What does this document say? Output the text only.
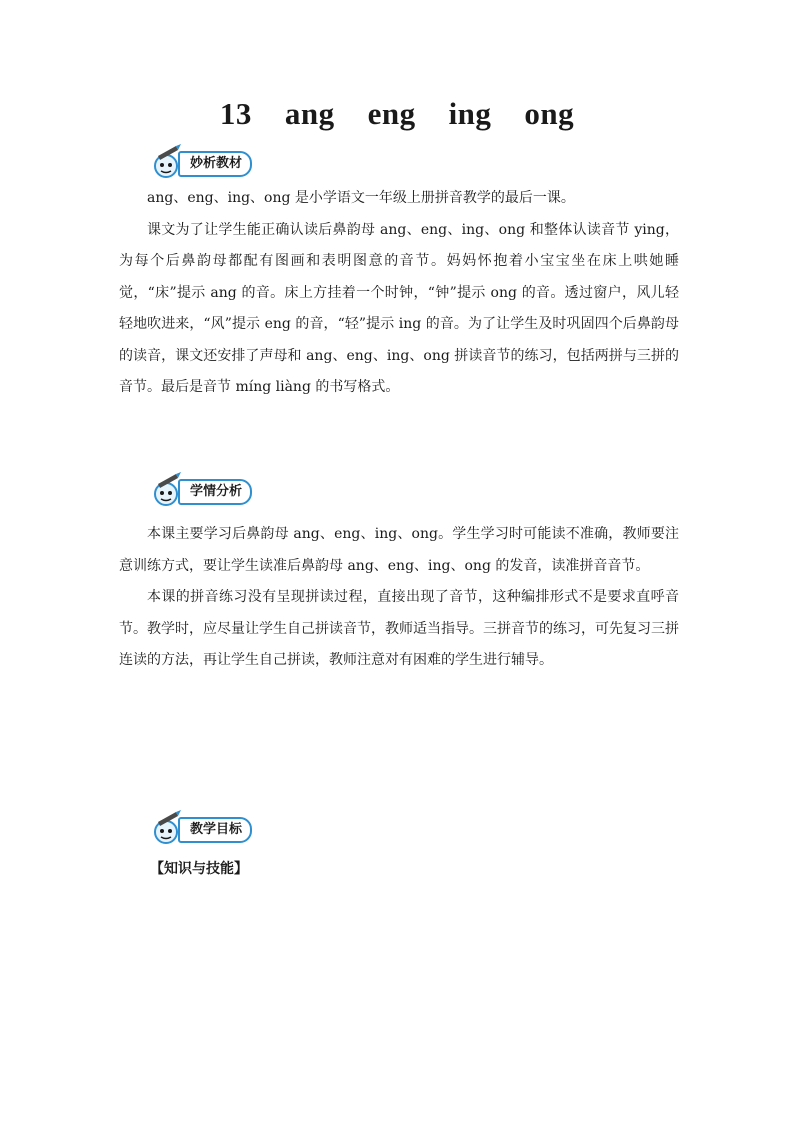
13    ang    eng    ing    ong
妙析教材

ang、eng、ing、ong 是小学语文一年级上册拼音教学的最后一课。

课文为了让学生能正确认读后鼻韵母 ang、eng、ing、ong 和整体认读音节 ying，为每个后鼻韵母都配有图画和表明图意的音节。妈妈怀抱着小宝宝坐在床上哄她睡觉，“床”提示 ang 的音。床上方挂着一个时钟，“钟”提示 ong 的音。透过窗户，风儿轻轻地吹进来，“风”提示 eng 的音，“轻”提示 ing 的音。为了让学生及时巩固四个后鼻韵母的读音，课文还安排了声母和 ang、eng、ing、ong 拼读音节的练习，包括两拼与三拼的音节。最后是音节 míng liàng 的书写格式。

学情分析

本课主要学习后鼻韵母 ang、eng、ing、ong。学生学习时可能读不准确，教师要注意训练方式，要让学生读准后鼻韵母 ang、eng、ing、ong 的发音，读准拼音音节。

本课的拼音练习没有呈现拼读过程，直接出现了音节，这种编排形式不是要求直呼音节。教学时，应尽量让学生自己拼读音节，教师适当指导。三拼音节的练习，可先复习三拼连读的方法，再让学生自己拼读，教师注意对有困难的学生进行辅导。

教学目标
【知识与技能】
